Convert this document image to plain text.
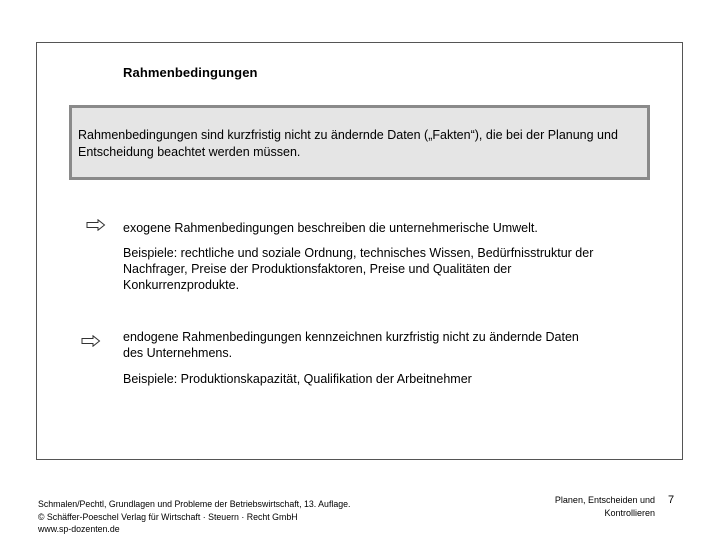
Rahmenbedingungen
Rahmenbedingungen sind kurzfristig nicht zu ändernde Daten („Fakten“), die bei der Planung und Entscheidung beachtet werden müssen.
exogene Rahmenbedingungen beschreiben die unternehmerische Umwelt.
Beispiele: rechtliche und soziale Ordnung, technisches Wissen, Bedürfnisstruktur der Nachfrager, Preise der Produktionsfaktoren, Preise und Qualitäten der Konkurrenzprodukte.
endogene Rahmenbedingungen kennzeichnen kurzfristig nicht zu ändernde Daten des Unternehmens.
Beispiele: Produktionskapazität, Qualifikation der Arbeitnehmer
.
Schmalen/Pechtl, Grundlagen und Probleme der Betriebswirtschaft, 13. Auflage.
© Schäffer-Poeschel Verlag für Wirtschaft · Steuern · Recht GmbH
www.sp-dozenten.de
Planen, Entscheiden und
Kontrollieren
7
